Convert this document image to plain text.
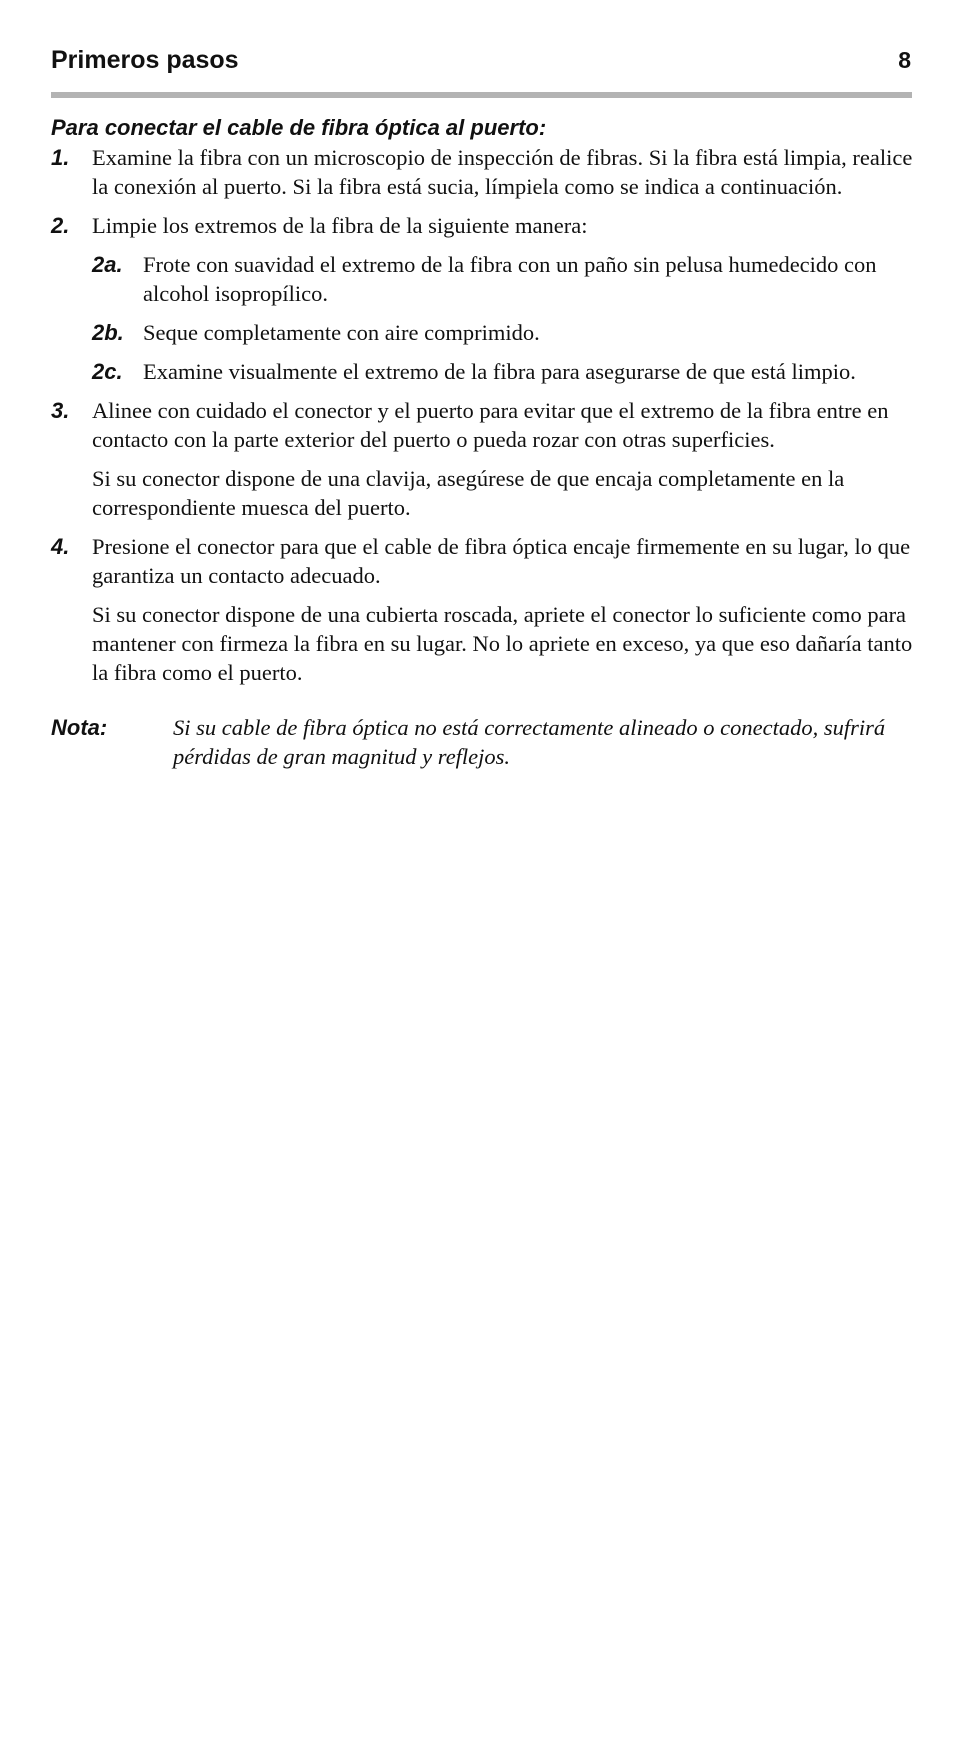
Primeros pasos	8

Para conectar el cable de fibra óptica al puerto:

1. Examine la fibra con un microscopio de inspección de fibras. Si la fibra está limpia, realice la conexión al puerto. Si la fibra está sucia, límpiela como se indica a continuación.
2. Limpie los extremos de la fibra de la siguiente manera:
2a. Frote con suavidad el extremo de la fibra con un paño sin pelusa humedecido con alcohol isopropílico.
2b. Seque completamente con aire comprimido.
2c. Examine visualmente el extremo de la fibra para asegurarse de que está limpio.
3. Alinee con cuidado el conector y el puerto para evitar que el extremo de la fibra entre en contacto con la parte exterior del puerto o pueda rozar con otras superficies.
Si su conector dispone de una clavija, asegúrese de que encaja completamente en la correspondiente muesca del puerto.
4. Presione el conector para que el cable de fibra óptica encaje firmemente en su lugar, lo que garantiza un contacto adecuado.
Si su conector dispone de una cubierta roscada, apriete el conector lo suficiente como para mantener con firmeza la fibra en su lugar. No lo apriete en exceso, ya que eso dañaría tanto la fibra como el puerto.
Nota:	Si su cable de fibra óptica no está correctamente alineado o conectado, sufrirá pérdidas de gran magnitud y reflejos.
